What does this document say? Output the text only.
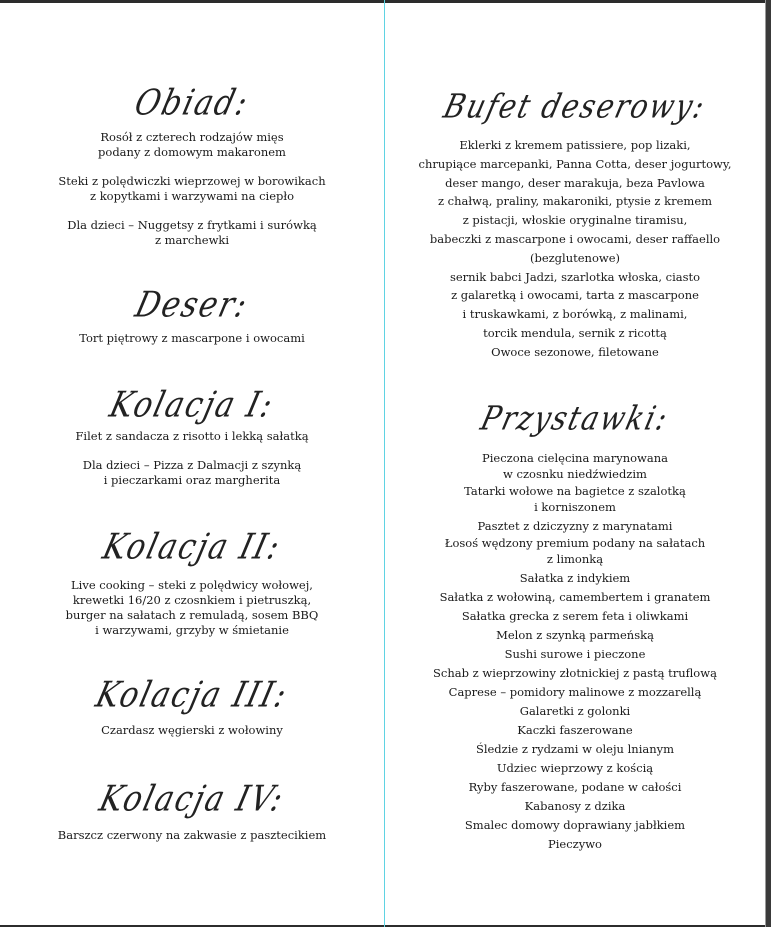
Obiad:

Rosół z czterech rodzajów mięs

podany z domowym makaronem

Steki z polędwiczki wieprzowej w borowikach

z kopytkami i warzywami na ciepło

Dla dzieci – Nuggetsy z frytkami i surówką

z marchewki

Deser:

Tort piętrowy z mascarpone i owocami

Kolacja I:

Filet z sandacza z risotto i lekką sałatką

Dla dzieci – Pizza z Dalmacji z szynką

i pieczarkami oraz margherita

Kolacja II:

Live cooking – steki z polędwicy wołowej,

krewetki 16/20 z czosnkiem i pietruszką,

burger na sałatach z remuladą, sosem BBQ

i warzywami, grzyby w śmietanie

Kolacja III:

Czardasz węgierski z wołowiny

Kolacja IV:

Barszcz czerwony na zakwasie z pasztecikiem

Bufet deserowy:

Eklerki z kremem patissiere, pop lizaki,

chrupiące marcepanki, Panna Cotta, deser jogurtowy,

deser mango, deser marakuja, beza Pavlowa

z chałwą, praliny, makaroniki, ptysie z kremem

z pistacji, włoskie oryginalne tiramisu,

babeczki z mascarpone i owocami, deser raffaello

(bezglutenowe)

sernik babci Jadzi, szarlotka włoska, ciasto

z galaretką i owocami, tarta z mascarpone

i truskawkami, z borówką, z malinami,

torcik mendula, sernik z ricottą

Owoce sezonowe, filetowane

Przystawki:

Pieczona cielęcina marynowana

w czosnku niedźwiedzim

Tatarki wołowe na bagietce z szalotką

i korniszonem

Pasztet z dziczyzny z marynatami

Łosoś wędzony premium podany na sałatach

z limonką

Sałatka z indykiem

Sałatka z wołowiną, camembertem i granatem

Sałatka grecka z serem feta i oliwkami

Melon z szynką parmeńską

Sushi surowe i pieczone

Schab z wieprzowiny złotnickiej z pastą truflową

Caprese – pomidory malinowe z mozzarellą

Galaretki z golonki

Kaczki faszerowane

Śledzie z rydzami w oleju lnianym

Udziec wieprzowy z kością

Ryby faszerowane, podane w całości

Kabanosy z dzika

Smalec domowy doprawiany jabłkiem

Pieczywo
